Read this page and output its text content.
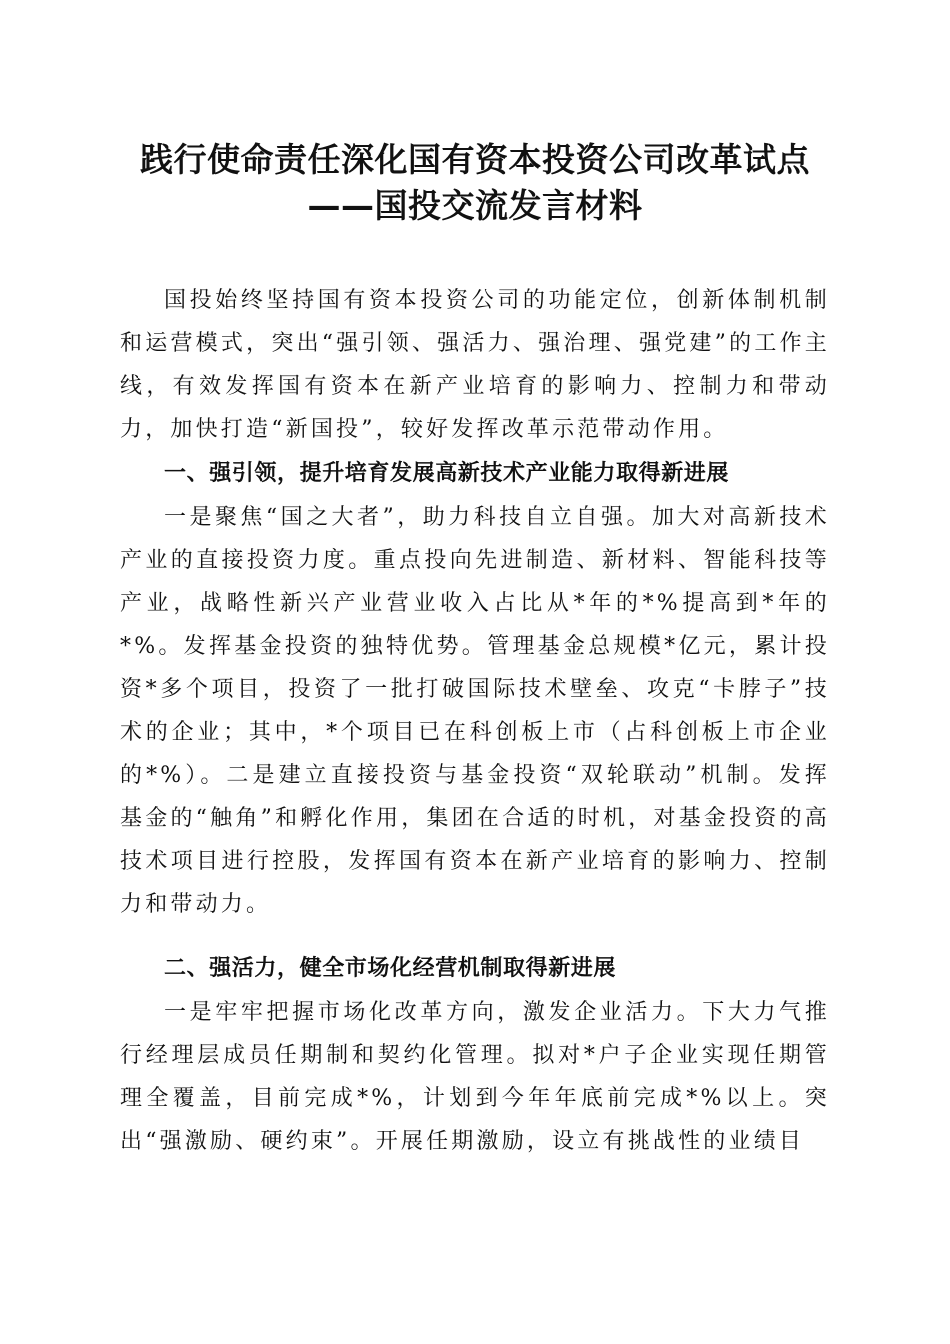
践行使命责任深化国有资本投资公司改革试点
——国投交流发言材料

国投始终坚持国有资本投资公司的功能定位，创新体制机制和运营模式，突出“强引领、强活力、强治理、强党建”的工作主线，有效发挥国有资本在新产业培育的影响力、控制力和带动力，加快打造“新国投”，较好发挥改革示范带动作用。

一、强引领，提升培育发展高新技术产业能力取得新进展

一是聚焦“国之大者”，助力科技自立自强。加大对高新技术产业的直接投资力度。重点投向先进制造、新材料、智能科技等产业，战略性新兴产业营业收入占比从*年的*%提高到*年的*%。发挥基金投资的独特优势。管理基金总规模*亿元，累计投资*多个项目，投资了一批打破国际技术壁垒、攻克“卡脖子”技术的企业；其中，*个项目已在科创板上市（占科创板上市企业的*%）。二是建立直接投资与基金投资“双轮联动”机制。发挥基金的“触角”和孵化作用，集团在合适的时机，对基金投资的高技术项目进行控股，发挥国有资本在新产业培育的影响力、控制力和带动力。

二、强活力，健全市场化经营机制取得新进展

一是牢牢把握市场化改革方向，激发企业活力。下大力气推行经理层成员任期制和契约化管理。拟对*户子企业实现任期管理全覆盖，目前完成*%，计划到今年年底前完成*%以上。突出“强激励、硬约束”。开展任期激励，设立有挑战性的业绩目
